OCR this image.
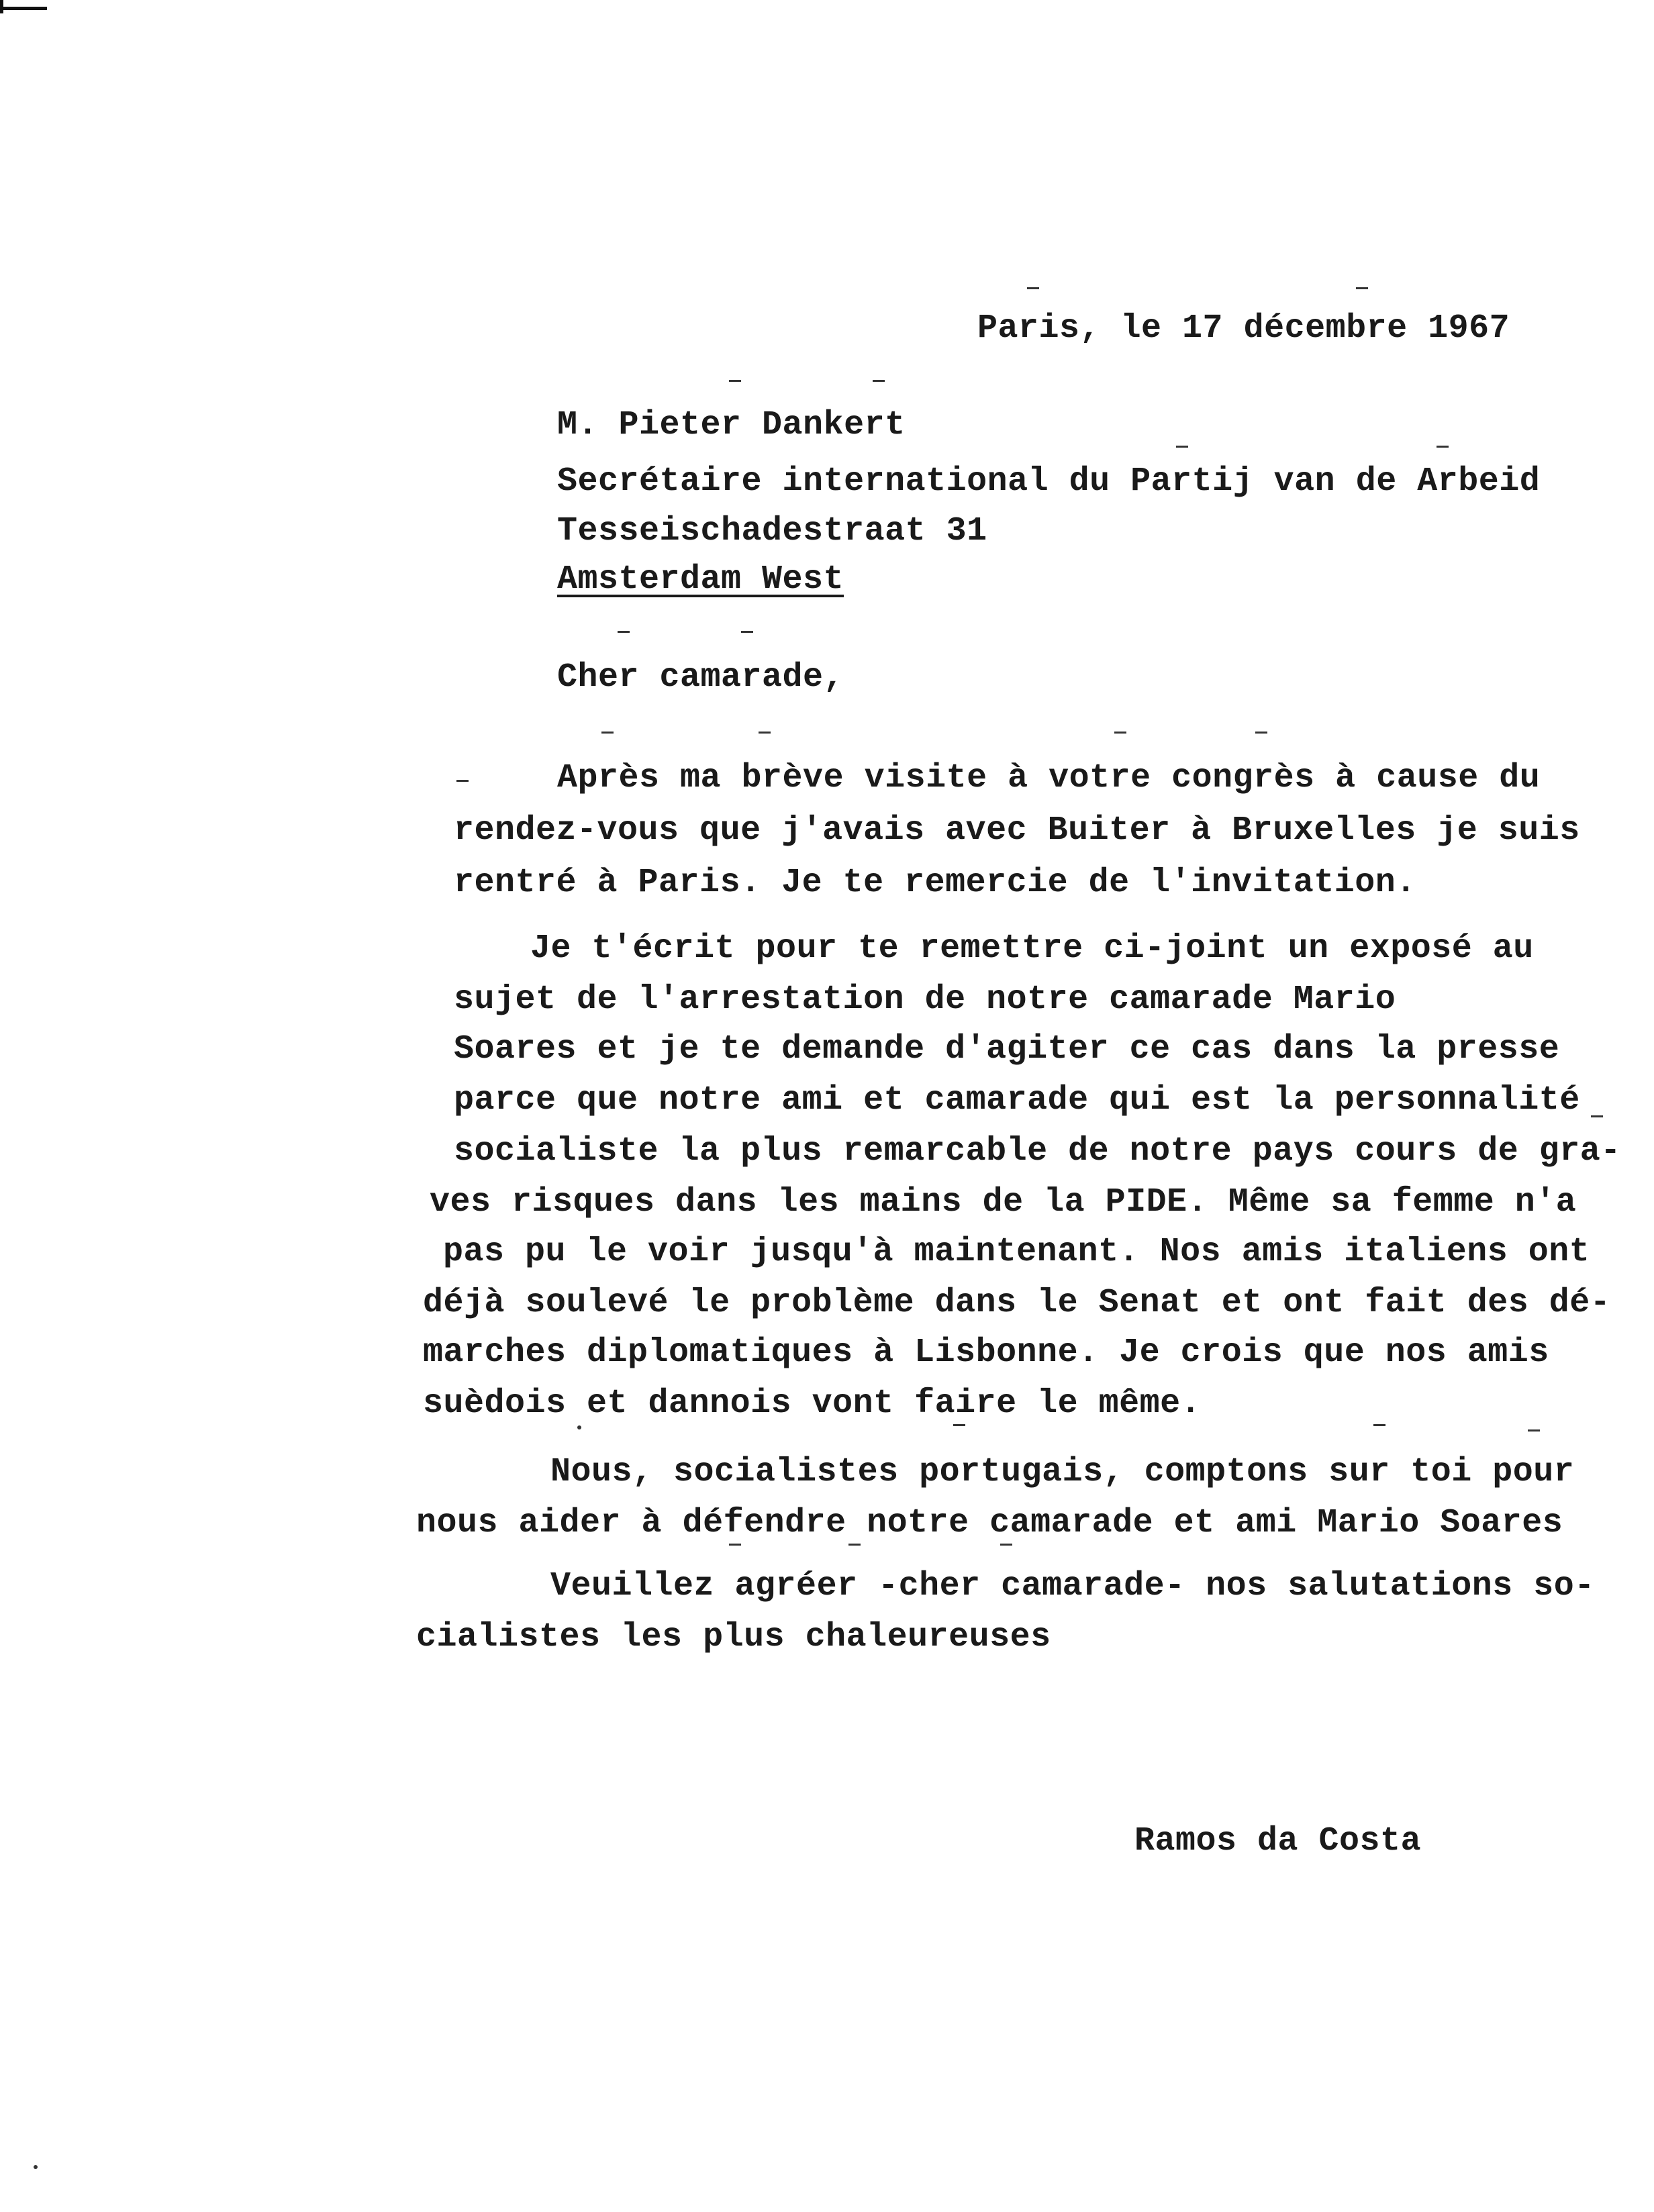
Paris, le 17 décembre 1967
M. Pieter Dankert
Secrétaire international du Partij van de Arbeid
Tesseischadestraat 31
Amsterdam West
Cher camarade,
Après ma brève visite à votre congrès à cause du
rendez-vous que j'avais avec Buiter à Bruxelles je suis
rentré à Paris. Je te remercie de l'invitation.
Je t'écrit pour te remettre ci-joint un exposé au
sujet de l'arrestation de notre camarade Mario
Soares et je te demande d'agiter ce cas dans la presse
parce que notre ami et camarade qui est la personnalité
socialiste la plus remarcable de notre pays cours de gra-
ves risques dans les mains de la PIDE. Même sa femme n'a
pas pu le voir jusqu'à maintenant. Nos amis italiens ont
déjà soulevé le problème dans le Senat et ont fait des dé-
marches diplomatiques à Lisbonne. Je crois que nos amis
suèdois et dannois vont faire le même.
Nous, socialistes portugais, comptons sur toi pour
nous aider à défendre notre camarade et ami Mario Soares
Veuillez agréer -cher camarade- nos salutations so-
cialistes les plus chaleureuses
Ramos da Costa
